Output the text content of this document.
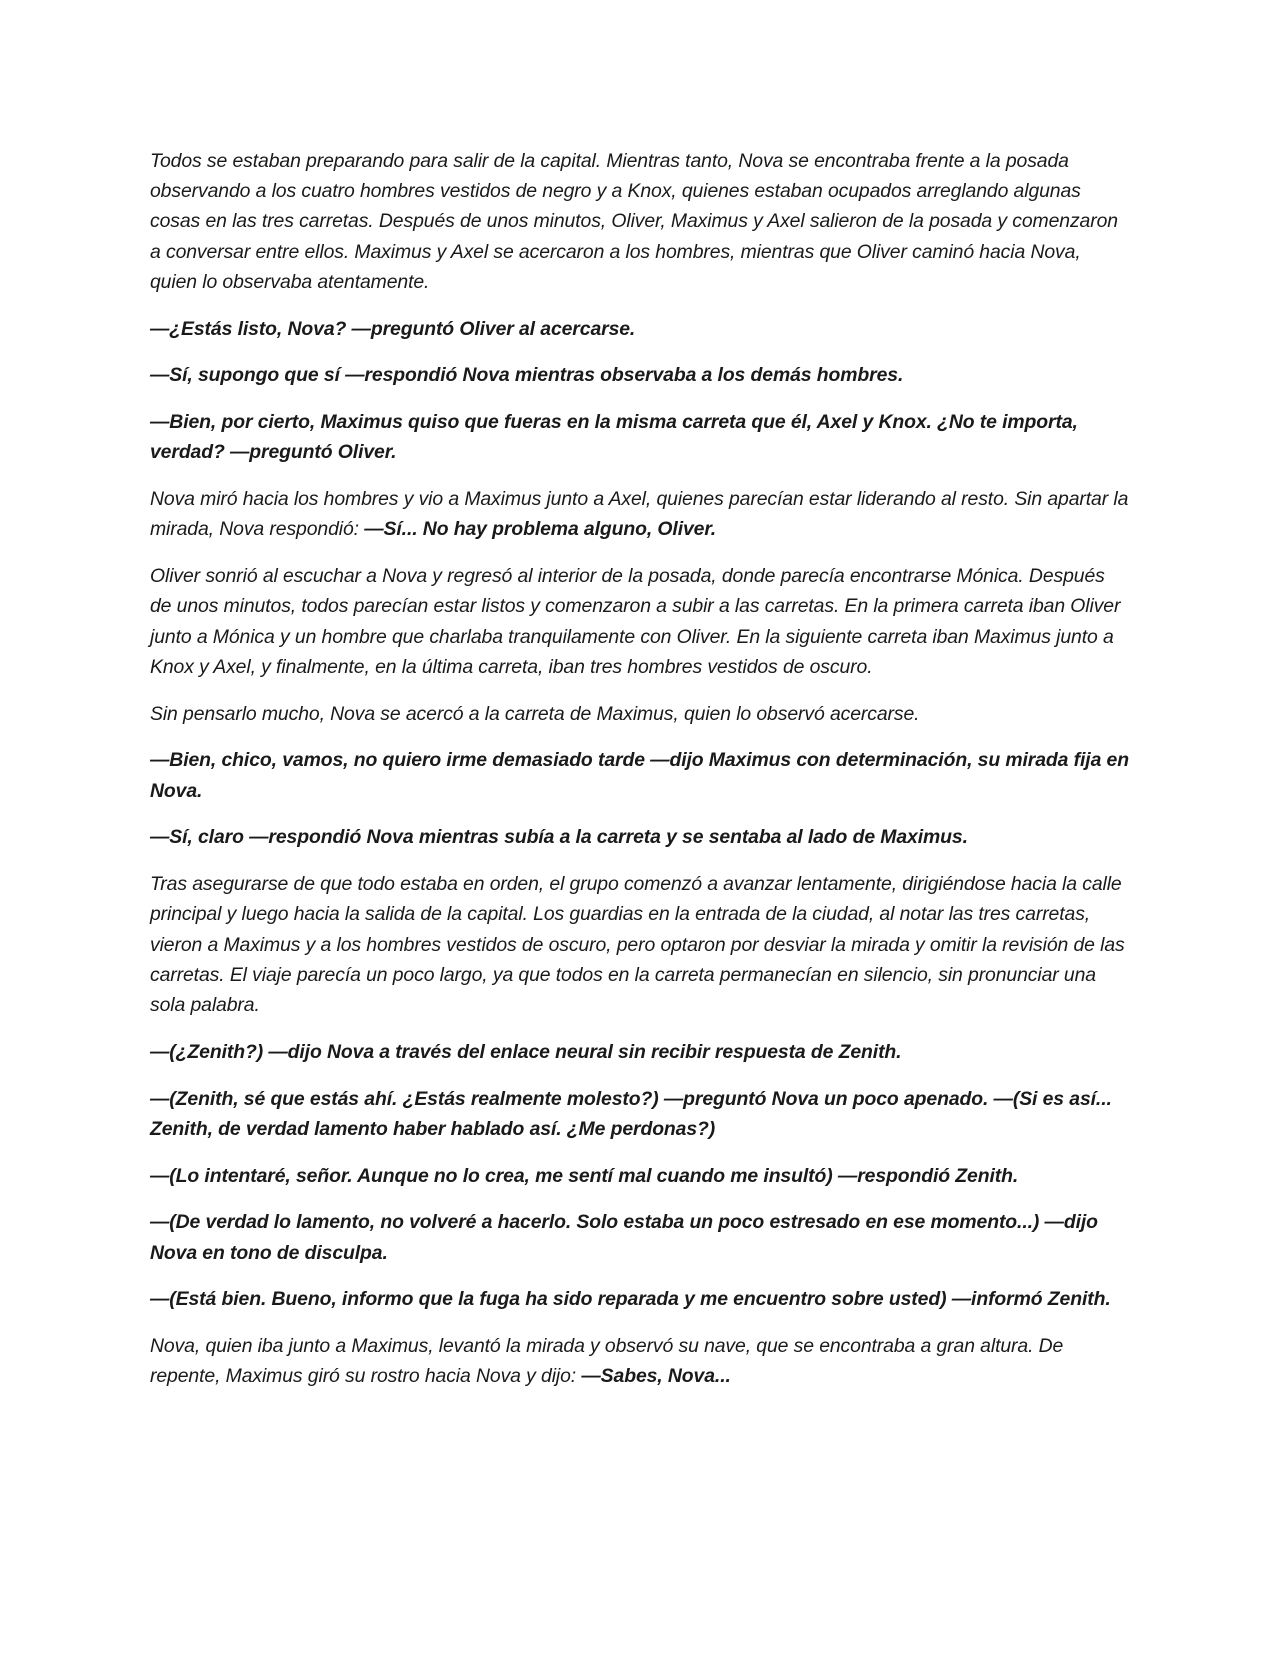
Todos se estaban preparando para salir de la capital. Mientras tanto, Nova se encontraba frente a la posada observando a los cuatro hombres vestidos de negro y a Knox, quienes estaban ocupados arreglando algunas cosas en las tres carretas. Después de unos minutos, Oliver, Maximus y Axel salieron de la posada y comenzaron a conversar entre ellos. Maximus y Axel se acercaron a los hombres, mientras que Oliver caminó hacia Nova, quien lo observaba atentamente.

—¿Estás listo, Nova? —preguntó Oliver al acercarse.

—Sí, supongo que sí —respondió Nova mientras observaba a los demás hombres.

—Bien, por cierto, Maximus quiso que fueras en la misma carreta que él, Axel y Knox. ¿No te importa, verdad? —preguntó Oliver.

Nova miró hacia los hombres y vio a Maximus junto a Axel, quienes parecían estar liderando al resto. Sin apartar la mirada, Nova respondió: —Sí... No hay problema alguno, Oliver.

Oliver sonrió al escuchar a Nova y regresó al interior de la posada, donde parecía encontrarse Mónica. Después de unos minutos, todos parecían estar listos y comenzaron a subir a las carretas. En la primera carreta iban Oliver junto a Mónica y un hombre que charlaba tranquilamente con Oliver. En la siguiente carreta iban Maximus junto a Knox y Axel, y finalmente, en la última carreta, iban tres hombres vestidos de oscuro.

Sin pensarlo mucho, Nova se acercó a la carreta de Maximus, quien lo observó acercarse.

—Bien, chico, vamos, no quiero irme demasiado tarde —dijo Maximus con determinación, su mirada fija en Nova.

—Sí, claro —respondió Nova mientras subía a la carreta y se sentaba al lado de Maximus.

Tras asegurarse de que todo estaba en orden, el grupo comenzó a avanzar lentamente, dirigiéndose hacia la calle principal y luego hacia la salida de la capital. Los guardias en la entrada de la ciudad, al notar las tres carretas, vieron a Maximus y a los hombres vestidos de oscuro, pero optaron por desviar la mirada y omitir la revisión de las carretas. El viaje parecía un poco largo, ya que todos en la carreta permanecían en silencio, sin pronunciar una sola palabra.

—(¿Zenith?) —dijo Nova a través del enlace neural sin recibir respuesta de Zenith.

—(Zenith, sé que estás ahí. ¿Estás realmente molesto?) —preguntó Nova un poco apenado. —(Si es así... Zenith, de verdad lamento haber hablado así. ¿Me perdonas?)

—(Lo intentaré, señor. Aunque no lo crea, me sentí mal cuando me insultó) —respondió Zenith.

—(De verdad lo lamento, no volveré a hacerlo. Solo estaba un poco estresado en ese momento...) —dijo Nova en tono de disculpa.

—(Está bien. Bueno, informo que la fuga ha sido reparada y me encuentro sobre usted) —informó Zenith.

Nova, quien iba junto a Maximus, levantó la mirada y observó su nave, que se encontraba a gran altura. De repente, Maximus giró su rostro hacia Nova y dijo: —Sabes, Nova...
